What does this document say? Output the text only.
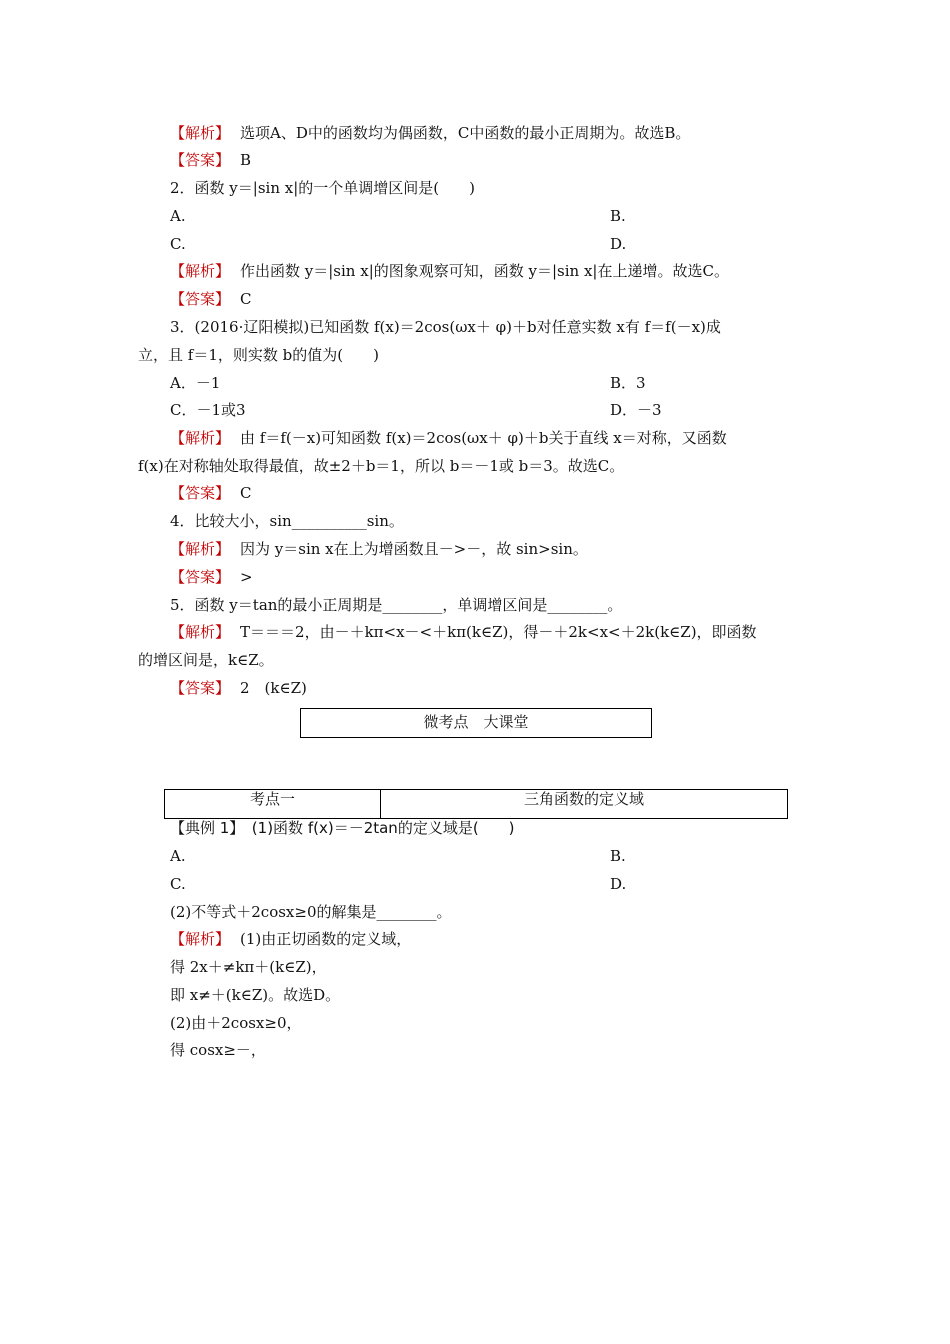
【解析】 选项A、D中的函数均为偶函数，C中函数的最小正周期为。故选B。
【答案】 B
2．函数 y＝|sin x|的一个单调增区间是(　　)
A.	B.
C.	D.
【解析】 作出函数 y＝|sin x|的图象观察可知，函数 y＝|sin x|在上递增。故选C。
【答案】 C
3．(2016·辽阳模拟)已知函数 f(x)＝2cos(ωx＋ φ)＋b对任意实数 x有 f＝f(－x)成
立，且 f＝1，则实数 b的值为(　　)
A．－1	B．3
C．－1或3	D．－3
【解析】 由 f＝f(－x)可知函数 f(x)＝2cos(ωx＋ φ)＋b关于直线 x＝对称，又函数
f(x)在对称轴处取得最值，故±2＋b＝1，所以 b＝－1或 b＝3。故选C。
【答案】 C
4．比较大小，sin__________sin。
【解析】 因为 y＝sin x在上为增函数且－>－，故 sin>sin。
【答案】 >
5．函数 y＝tan的最小正周期是________，单调增区间是________。
【解析】 T＝＝＝2，由－＋kπ<x－<＋kπ(k∈Z)，得－＋2k<x<＋2k(k∈Z)，即函数
的增区间是，k∈Z。
【答案】 2　(k∈Z)
微考点　大课堂
考点一	三角函数的定义域
【典例 1】　(1)函数 f(x)＝－2tan的定义域是(　　)
A.	B.
C.	D.
(2)不等式＋2cosx≥0的解集是________。
【解析】 (1)由正切函数的定义域，
得 2x＋≠kπ＋(k∈Z)，
即 x≠＋(k∈Z)。故选D。
(2)由＋2cosx≥0，
得 cosx≥－，
